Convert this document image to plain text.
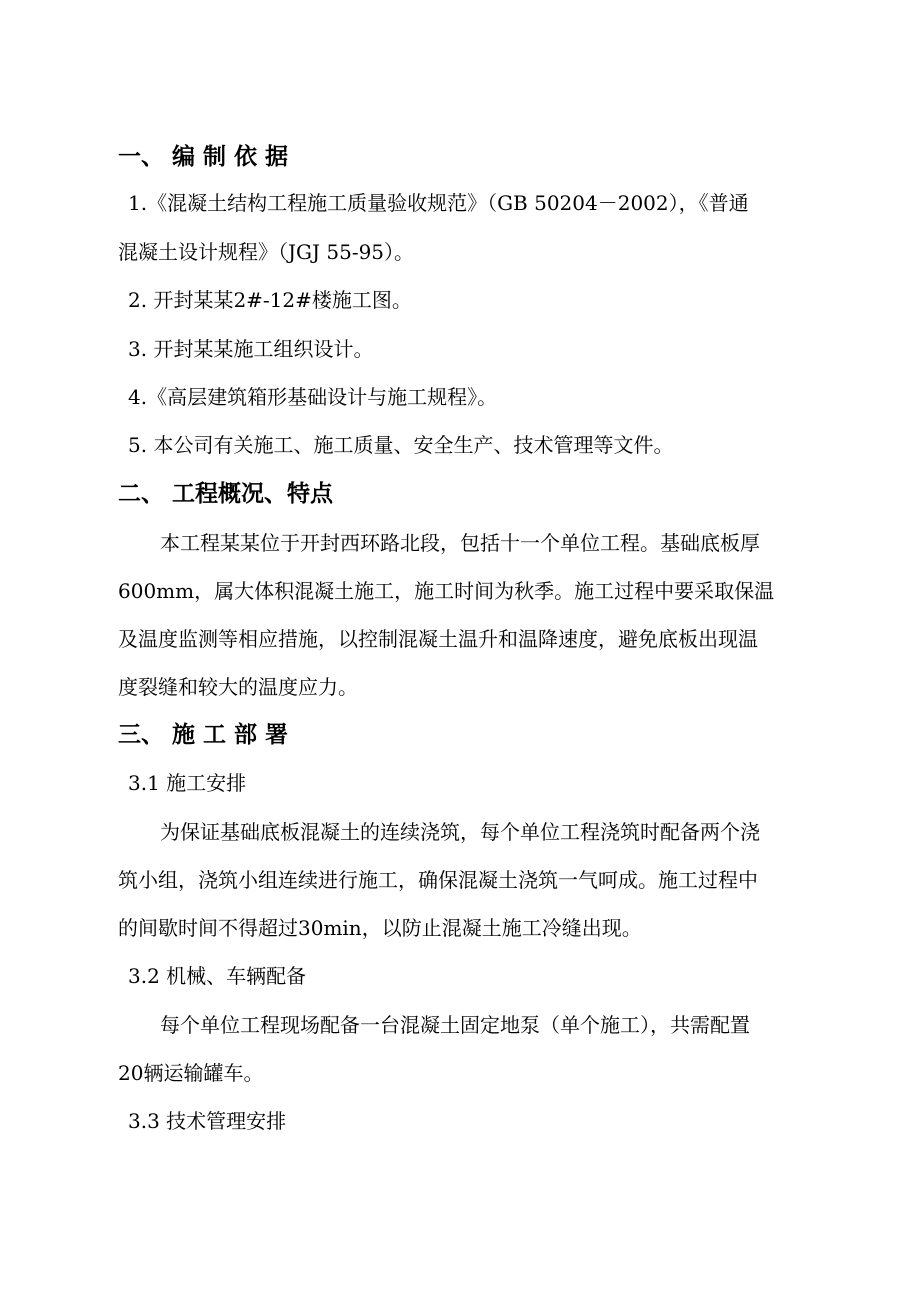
一、 编 制 依 据
1.《混凝土结构工程施工质量验收规范》（GB 50204－2002），《普通
混凝土设计规程》（JGJ 55-95）。
2. 开封某某2#-12#楼施工图。
3. 开封某某施工组织设计。
4.《高层建筑箱形基础设计与施工规程》。
5. 本公司有关施工、施工质量、安全生产、技术管理等文件。
二、 工程概况、特点
本工程某某位于开封西环路北段，包括十一个单位工程。基础底板厚
600mm，属大体积混凝土施工，施工时间为秋季。施工过程中要采取保温
及温度监测等相应措施，以控制混凝土温升和温降速度，避免底板出现温
度裂缝和较大的温度应力。
三、 施 工 部 署
3.1 施工安排
为保证基础底板混凝土的连续浇筑，每个单位工程浇筑时配备两个浇
筑小组，浇筑小组连续进行施工，确保混凝土浇筑一气呵成。施工过程中
的间歇时间不得超过30min，以防止混凝土施工冷缝出现。
3.2 机械、车辆配备
每个单位工程现场配备一台混凝土固定地泵（单个施工），共需配置
20辆运输罐车。
3.3 技术管理安排
